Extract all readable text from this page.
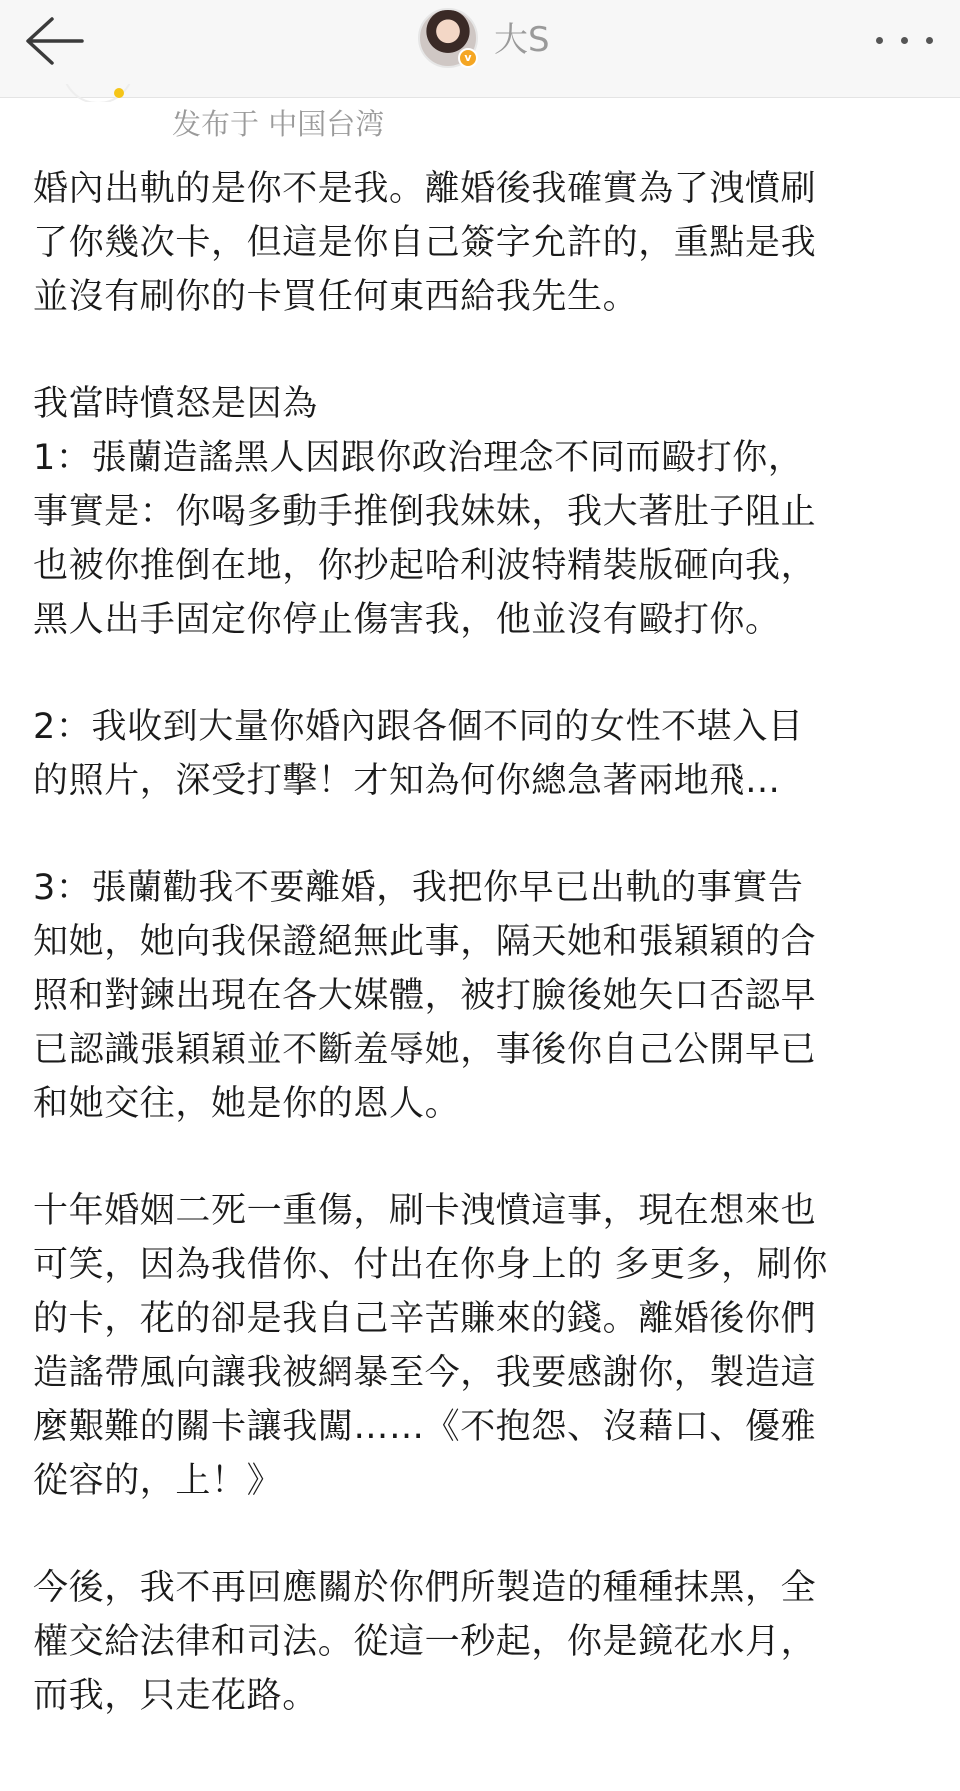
v 大S
发布于 中国台湾
婚內出軌的是你不是我。離婚後我確實為了洩憤刷
了你幾次卡，但這是你自己簽字允許的，重點是我
並沒有刷你的卡買任何東西給我先生。
我當時憤怒是因為
1：張蘭造謠黑人因跟你政治理念不同而毆打你，
事實是：你喝多動手推倒我妹妹，我大著肚子阻止
也被你推倒在地，你抄起哈利波特精裝版砸向我，
黑人出手固定你停止傷害我，他並沒有毆打你。
2：我收到大量你婚內跟各個不同的女性不堪入目
的照片，深受打擊！才知為何你總急著兩地飛…
3：張蘭勸我不要離婚，我把你早已出軌的事實告
知她，她向我保證絕無此事，隔天她和張穎穎的合
照和對鍊出現在各大媒體，被打臉後她矢口否認早
已認識張穎穎並不斷羞辱她，事後你自己公開早已
和她交往，她是你的恩人。
十年婚姻二死一重傷，刷卡洩憤這事，現在想來也
可笑，因為我借你、付出在你身上的 多更多，刷你
的卡，花的卻是我自己辛苦賺來的錢。離婚後你們
造謠帶風向讓我被網暴至今，我要感謝你，製造這
麼艱難的關卡讓我闖……《不抱怨、沒藉口、優雅
從容的，上！》
今後，我不再回應關於你們所製造的種種抹黑，全
權交給法律和司法。從這一秒起，你是鏡花水月，
而我，只走花路。
